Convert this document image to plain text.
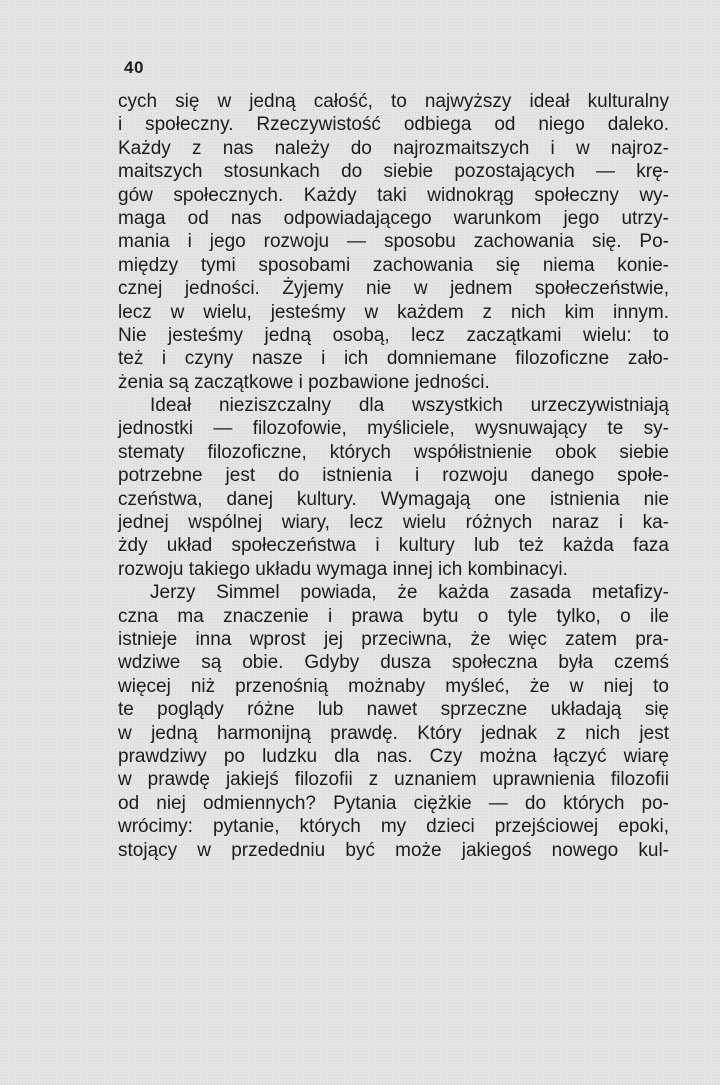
40
cych się w jedną całość, to najwyższy ideał kulturalny
i społeczny. Rzeczywistość odbiega od niego daleko.
Każdy z nas należy do najrozmaitszych i w najroz-
maitszych stosunkach do siebie pozostających — krę-
gów społecznych. Każdy taki widnokrąg społeczny wy-
maga od nas odpowiadającego warunkom jego utrzy-
mania i jego rozwoju — sposobu zachowania się. Po-
między tymi sposobami zachowania się niema konie-
cznej jedności. Żyjemy nie w jednem społeczeństwie,
lecz w wielu, jesteśmy w każdem z nich kim innym.
Nie jesteśmy jedną osobą, lecz zaczątkami wielu: to
też i czyny nasze i ich domniemane filozoficzne zało-
żenia są zaczątkowe i pozbawione jedności.
Ideał nieziszczalny dla wszystkich urzeczywistniają
jednostki — filozofowie, myśliciele, wysnuwający te sy-
stematy filozoficzne, których współistnienie obok siebie
potrzebne jest do istnienia i rozwoju danego społe-
czeństwa, danej kultury. Wymagają one istnienia nie
jednej wspólnej wiary, lecz wielu różnych naraz i ka-
żdy układ społeczeństwa i kultury lub też każda faza
rozwoju takiego układu wymaga innej ich kombinacyi.
Jerzy Simmel powiada, że każda zasada metafizy-
czna ma znaczenie i prawa bytu o tyle tylko, o ile
istnieje inna wprost jej przeciwna, że więc zatem pra-
wdziwe są obie. Gdyby dusza społeczna była czemś
więcej niż przenośnią możnaby myśleć, że w niej to
te poglądy różne lub nawet sprzeczne układają się
w jedną harmonijną prawdę. Który jednak z nich jest
prawdziwy po ludzku dla nas. Czy można łączyć wiarę
w prawdę jakiejś filozofii z uznaniem uprawnienia filozofii
od niej odmiennych? Pytania ciężkie — do których po-
wrócimy: pytanie, których my dzieci przejściowej epoki,
stojący w przededniu być może jakiegoś nowego kul-
